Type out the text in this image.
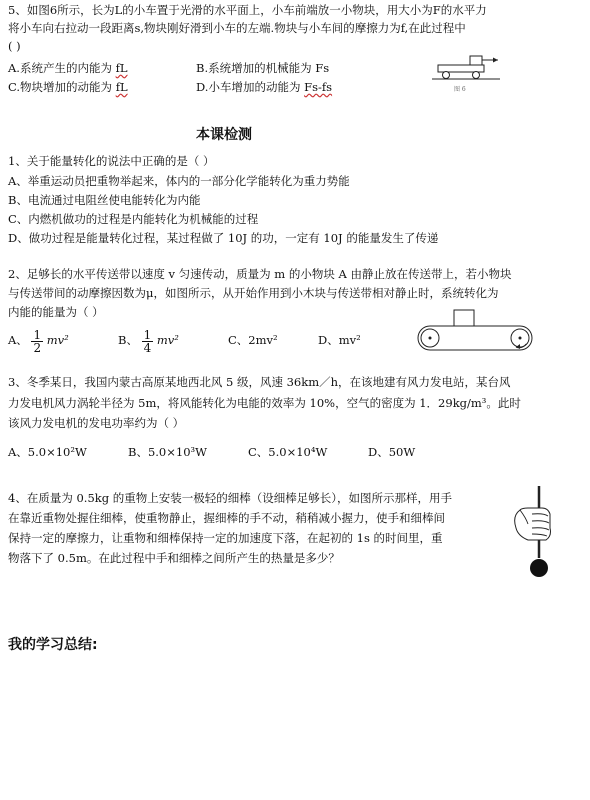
5、如图6所示，长为L的小车置于光滑的水平面上，小车前端放一小物块，用大小为F的水平力
将小车向右拉动一段距离s,物块刚好滑到小车的左端.物块与小车间的摩擦力为f,在此过程中
( )
A.系统产生的内能为 fL	B.系统增加的机械能为 Fs
C.物块增加的动能为 fL	D.小车增加的动能为 Fs-fs	图 6
本课检测
1、关于能量转化的说法中正确的是（ ）
A、举重运动员把重物举起来，体内的一部分化学能转化为重力势能
B、电流通过电阻丝使电能转化为内能
C、内燃机做功的过程是内能转化为机械能的过程
D、做功过程是能量转化过程，某过程做了 10J 的功，一定有 10J 的能量发生了传递
2、足够长的水平传送带以速度 v 匀速传动，质量为 m 的小物块 A 由静止放在传送带上，若小物块
与传送带间的动摩擦因数为μ，如图所示，从开始作用到小木块与传送带相对静止时，系统转化为
内能的能量为（ ）
A、 $\frac{1}{2} mv^2$	B、 $\frac{1}{4} mv^2$	C、2mv²	D、mv²
3、冬季某日，我国内蒙古高原某地西北风 5 级，风速 36km／h，在该地建有风力发电站，某台风
力发电机风力涡轮半径为 5m，将风能转化为电能的效率为 10%，空气的密度为 1．29kg/m³。此时
该风力发电机的发电功率约为（ ）
A、5.0×10²W	B、5.0×10³W	C、5.0×10⁴W	D、50W
4、在质量为 0.5kg 的重物上安装一极轻的细棒（设细棒足够长），如图所示那样，用手
在靠近重物处握住细棒，使重物静止，握细棒的手不动，稍稍减小握力，使手和细棒间
保持一定的摩擦力，让重物和细棒保持一定的加速度下落，在起初的 1s 的时间里，重
物落下了 0.5m。在此过程中手和细棒之间所产生的热量是多少？
我的学习总结:
